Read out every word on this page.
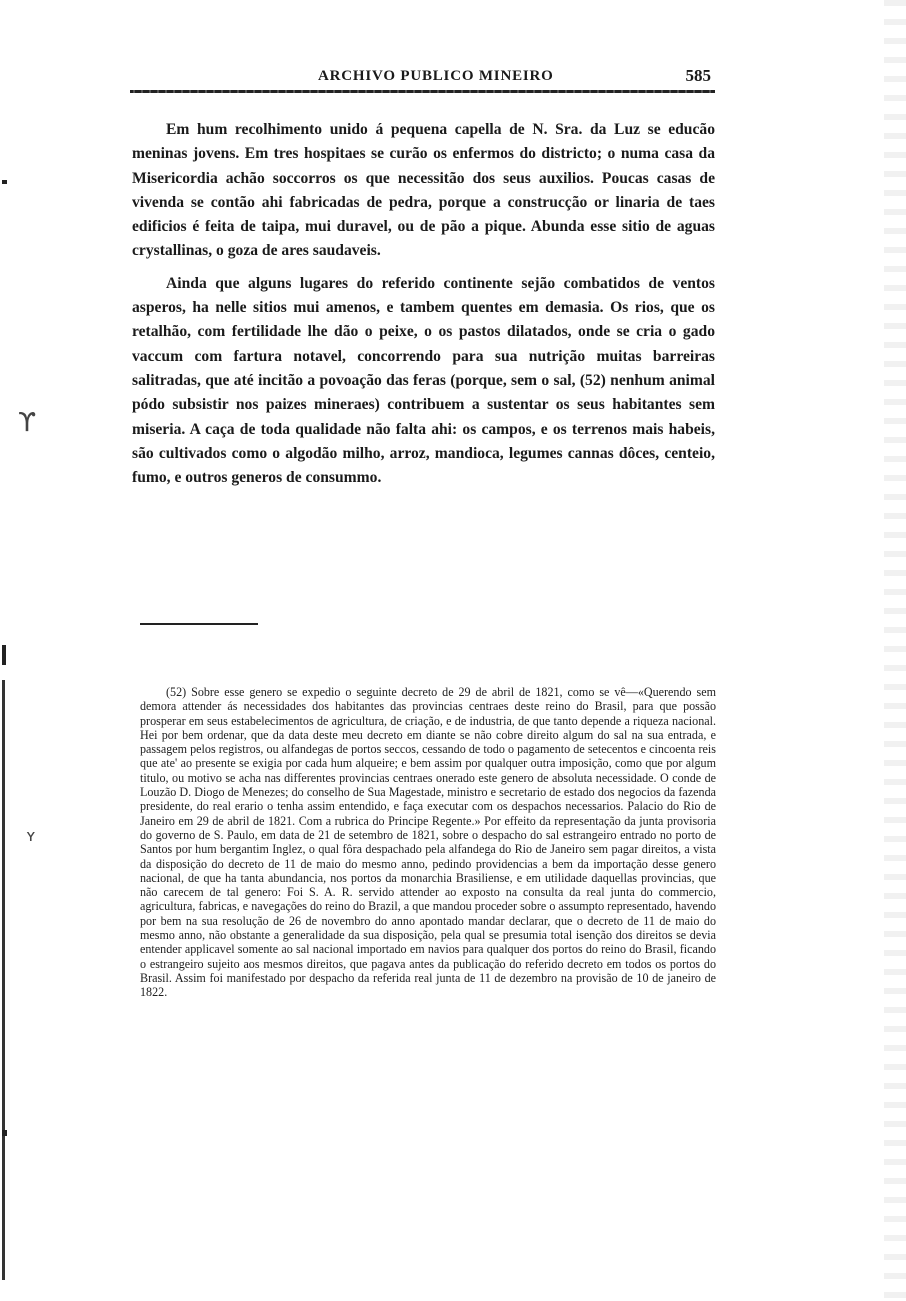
ϒ
ʏ
ARCHIVO PUBLICO MINEIRO	585

Em hum recolhimento unido á pequena capella de N. Sra. da Luz se educão meninas jovens. Em tres hospitaes se curão os enfermos do districto; o numa casa da Misericordia achão soccorros os que necessitão dos seus auxilios. Poucas casas de vivenda se contão ahi fabricadas de pedra, porque a construcção or linaria de taes edificios é feita de taipa, mui duravel, ou de pão a pique. Abunda esse sitio de aguas crystallinas, o goza de ares saudaveis.

Ainda que alguns lugares do referido continente sejão combatidos de ventos asperos, ha nelle sitios mui amenos, e tambem quentes em demasia. Os rios, que os retalhão, com fertilidade lhe dão o peixe, o os pastos dilatados, onde se cria o gado vaccum com fartura notavel, concorrendo para sua nutrição muitas barreiras salitradas, que até incitão a povoação das feras (porque, sem o sal, (52) nenhum animal pódo subsistir nos paizes mineraes) contribuem a sustentar os seus habitantes sem miseria. A caça de toda qualidade não falta ahi: os campos, e os terrenos mais habeis, são cultivados como o algodão milho, arroz, mandioca, legumes cannas dôces, centeio, fumo, e outros generos de consummo.

(52) Sobre esse genero se expedio o seguinte decreto de 29 de abril de 1821, como se vê—«Querendo sem demora attender ás necessidades dos habitantes das provincias centraes deste reino do Brasil, para que possão prosperar em seus estabelecimentos de agricultura, de criação, e de industria, de que tanto depende a riqueza nacional. Hei por bem ordenar, que da data deste meu decreto em diante se não cobre direito algum do sal na sua entrada, e passagem pelos registros, ou alfandegas de portos seccos, cessando de todo o pagamento de setecentos e cincoenta reis que ate' ao presente se exigia por cada hum alqueire; e bem assim por qualquer outra imposição, como que por algum titulo, ou motivo se acha nas differentes provincias centraes onerado este genero de absoluta necessidade. O conde de Louzão D. Diogo de Menezes; do conselho de Sua Magestade, ministro e secretario de estado dos negocios da fazenda presidente, do real erario o tenha assim entendido, e faça executar com os despachos necessarios. Palacio do Rio de Janeiro em 29 de abril de 1821. Com a rubrica do Principe Regente.» Por effeito da representação da junta provisoria do governo de S. Paulo, em data de 21 de setembro de 1821, sobre o despacho do sal estrangeiro entrado no porto de Santos por hum bergantim Inglez, o qual fôra despachado pela alfandega do Rio de Janeiro sem pagar direitos, a vista da disposição do decreto de 11 de maio do mesmo anno, pedindo providencias a bem da importação desse genero nacional, de que ha tanta abundancia, nos portos da monarchia Brasiliense, e em utilidade daquellas provincias, que não carecem de tal genero: Foi S. A. R. servido attender ao exposto na consulta da real junta do commercio, agricultura, fabricas, e navegações do reino do Brazil, a que mandou proceder sobre o assumpto representado, havendo por bem na sua resolução de 26 de novembro do anno apontado mandar declarar, que o decreto de 11 de maio do mesmo anno, não obstante a generalidade da sua disposição, pela qual se presumia total isenção dos direitos se devia entender applicavel somente ao sal nacional importado em navios para qualquer dos portos do reino do Brasil, ficando o estrangeiro sujeito aos mesmos direitos, que pagava antes da publicação do referido decreto em todos os portos do Brasil. Assim foi manifestado por despacho da referida real junta de 11 de dezembro na provisão de 10 de janeiro de 1822.
